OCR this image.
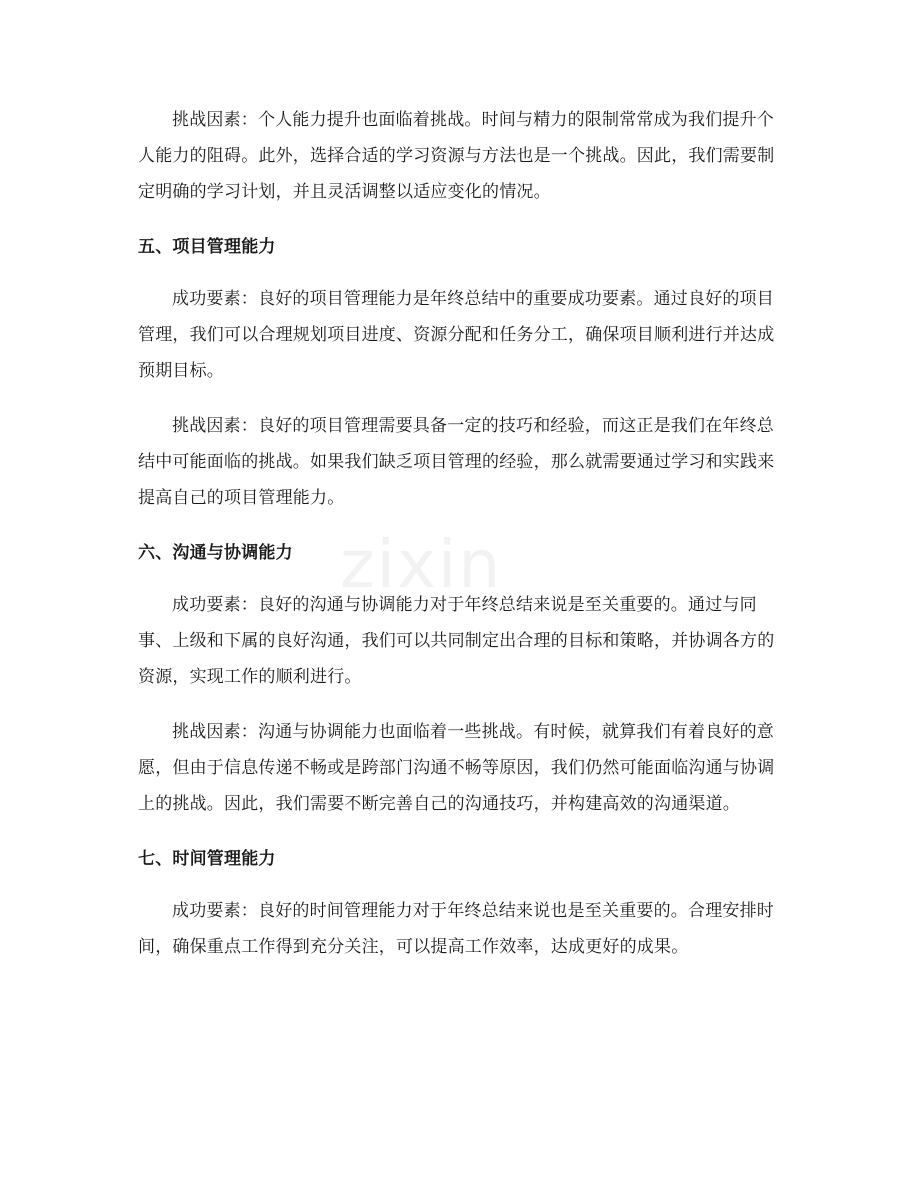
zixin

挑战因素：个人能力提升也面临着挑战。时间与精力的限制常常成为我们提升个人能力的阻碍。此外，选择合适的学习资源与方法也是一个挑战。因此，我们需要制定明确的学习计划，并且灵活调整以适应变化的情况。

五、项目管理能力

成功要素：良好的项目管理能力是年终总结中的重要成功要素。通过良好的项目管理，我们可以合理规划项目进度、资源分配和任务分工，确保项目顺利进行并达成预期目标。

挑战因素：良好的项目管理需要具备一定的技巧和经验，而这正是我们在年终总结中可能面临的挑战。如果我们缺乏项目管理的经验，那么就需要通过学习和实践来提高自己的项目管理能力。

六、沟通与协调能力

成功要素：良好的沟通与协调能力对于年终总结来说是至关重要的。通过与同事、上级和下属的良好沟通，我们可以共同制定出合理的目标和策略，并协调各方的资源，实现工作的顺利进行。

挑战因素：沟通与协调能力也面临着一些挑战。有时候，就算我们有着良好的意愿，但由于信息传递不畅或是跨部门沟通不畅等原因，我们仍然可能面临沟通与协调上的挑战。因此，我们需要不断完善自己的沟通技巧，并构建高效的沟通渠道。

七、时间管理能力

成功要素：良好的时间管理能力对于年终总结来说也是至关重要的。合理安排时间，确保重点工作得到充分关注，可以提高工作效率，达成更好的成果。
